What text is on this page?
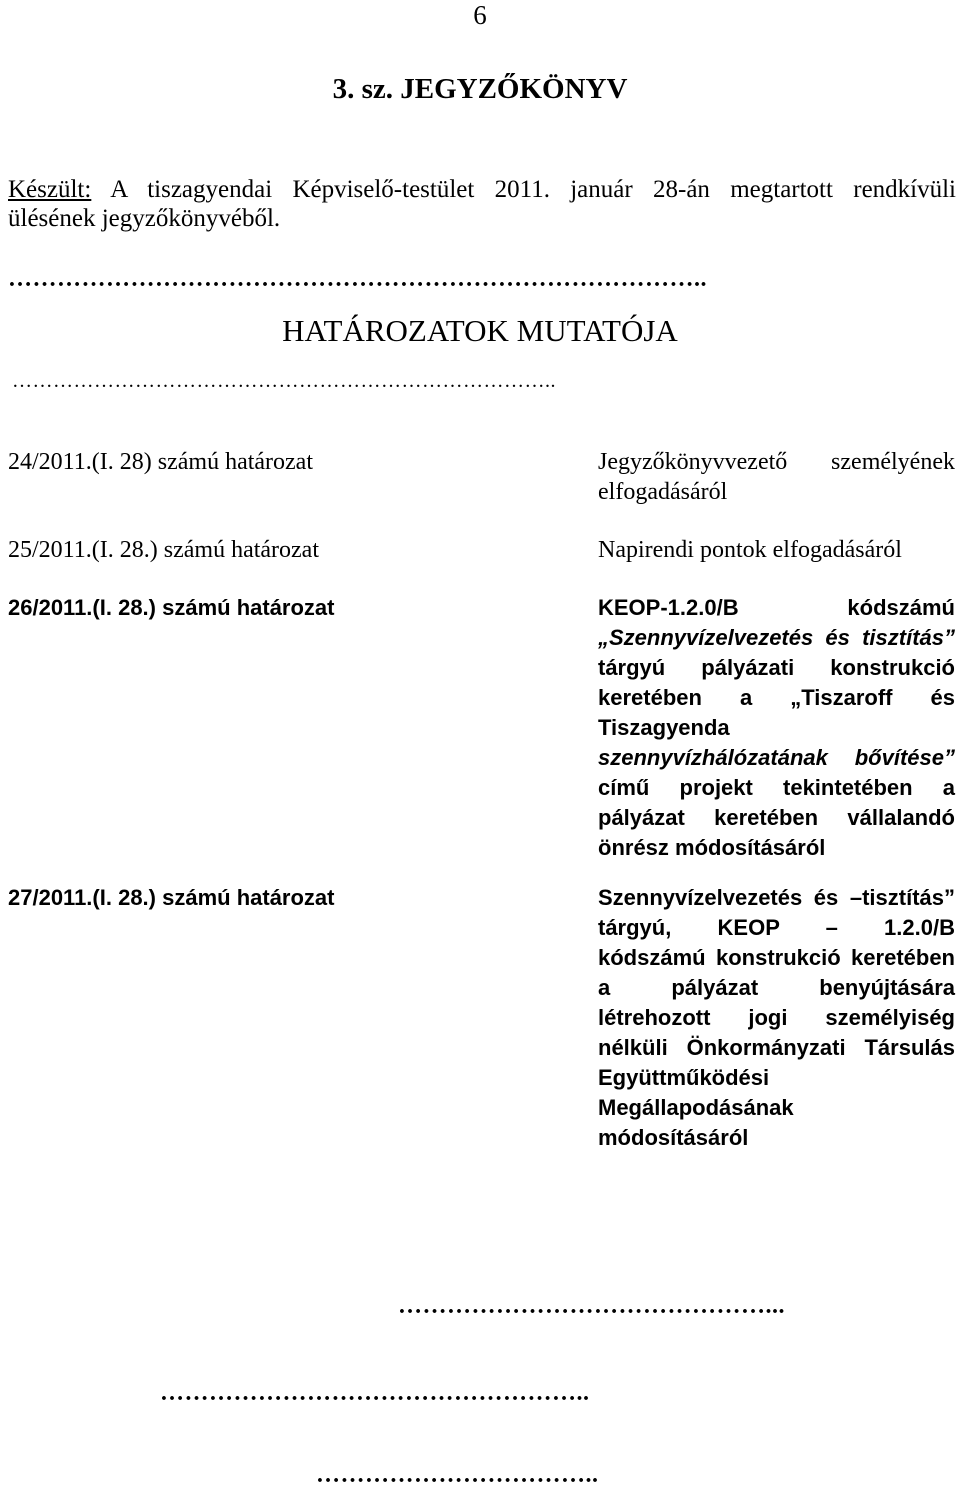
6
3. sz. JEGYZŐKÖNYV
Készült: A tiszagyendai Képviselő-testület 2011. január 28-án megtartott rendkívüli
ülésének jegyzőkönyvéből.
…………………………………………………………………………..
HATÁROZATOK MUTATÓJA
……………………………………………………………………..
24/2011.(I. 28) számú határozat	Jegyzőkönyvvezető személyének
elfogadásáról
25/2011.(I. 28.) számú határozat	Napirendi pontok elfogadásáról
26/2011.(I. 28.) számú határozat	KEOP-1.2.0/B kódszámú
„Szennyvízelvezetés és tisztítás”
tárgyú pályázati konstrukció
keretében a „Tiszaroff és
Tiszagyenda
szennyvízhálózatának bővítése”
című projekt tekintetében a
pályázat keretében vállalandó
önrész módosításáról
27/2011.(I. 28.) számú határozat	Szennyvízelvezetés és –tisztítás”
tárgyú, KEOP – 1.2.0/B
kódszámú konstrukció keretében
a pályázat benyújtására
létrehozott jogi személyiség
nélküli Önkormányzati Társulás
Együttműködési
Megállapodásának
módosításáról
………………………………………...
……………………………………………..
……………………………..
